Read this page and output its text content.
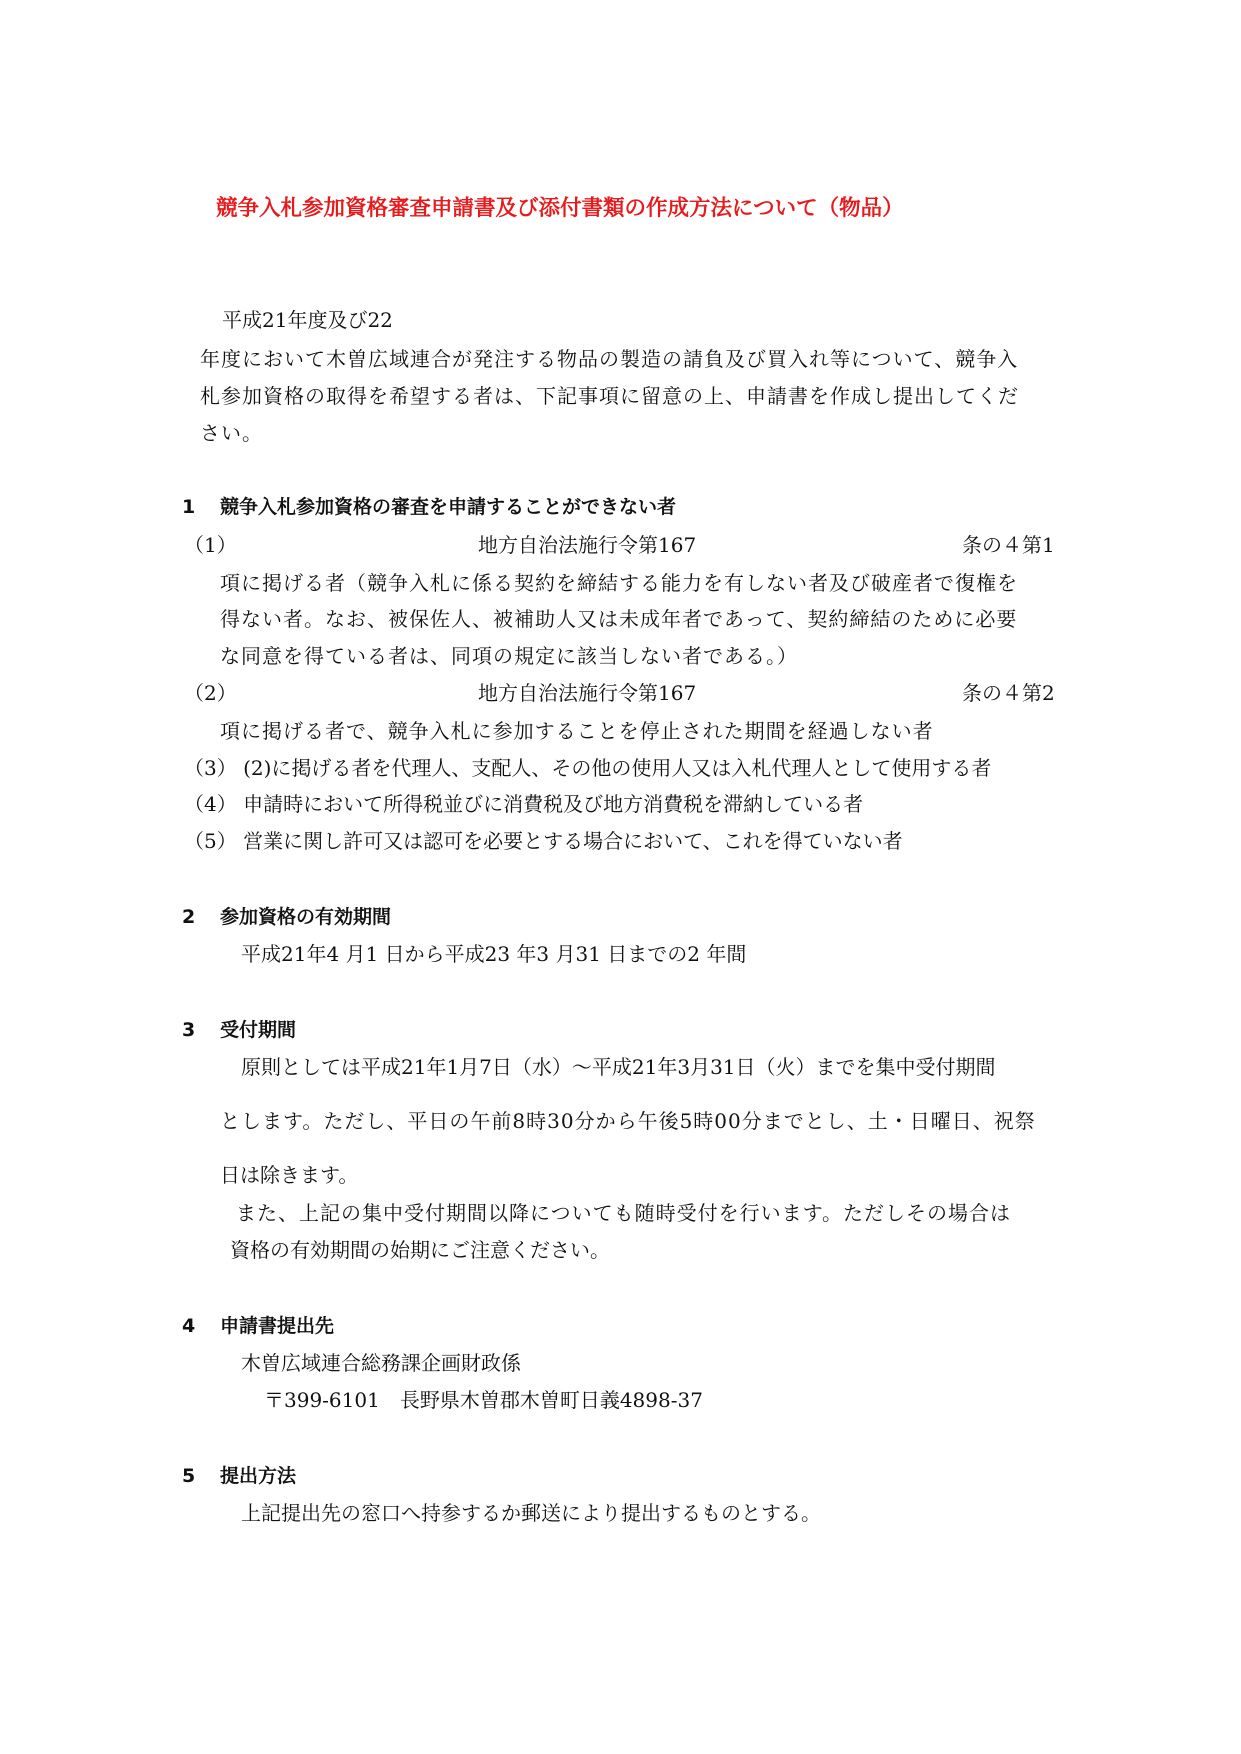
競争入札参加資格審査申請書及び添付書類の作成方法について（物品）
平成21年度及び22
年度において木曽広域連合が発注する物品の製造の請負及び買入れ等について、競争入
札参加資格の取得を希望する者は、下記事項に留意の上、申請書を作成し提出してくだ
さい。
1 競争入札参加資格の審査を申請することができない者
（1）	地方自治法施行令第167	条の４第1
項に掲げる者（競争入札に係る契約を締結する能力を有しない者及び破産者で復権を
得ない者。なお、被保佐人、被補助人又は未成年者であって、契約締結のために必要
な同意を得ている者は、同項の規定に該当しない者である。）
（2）	地方自治法施行令第167	条の４第2
項に掲げる者で、競争入札に参加することを停止された期間を経過しない者
（3） (2)に掲げる者を代理人、支配人、その他の使用人又は入札代理人として使用する者
（4） 申請時において所得税並びに消費税及び地方消費税を滞納している者
（5） 営業に関し許可又は認可を必要とする場合において、これを得ていない者
2 参加資格の有効期間
平成21年4 月1 日から平成23 年3 月31 日までの2 年間
3 受付期間
原則としては平成21年1月7日（水）～平成21年3月31日（火）までを集中受付期間
とします。ただし、平日の午前8時30分から午後5時00分までとし、土・日曜日、祝祭
日は除きます。
また、上記の集中受付期間以降についても随時受付を行います。ただしその場合は
資格の有効期間の始期にご注意ください。
4 申請書提出先
木曽広域連合総務課企画財政係
〒399-6101　長野県木曽郡木曽町日義4898-37
5 提出方法
上記提出先の窓口へ持参するか郵送により提出するものとする。
